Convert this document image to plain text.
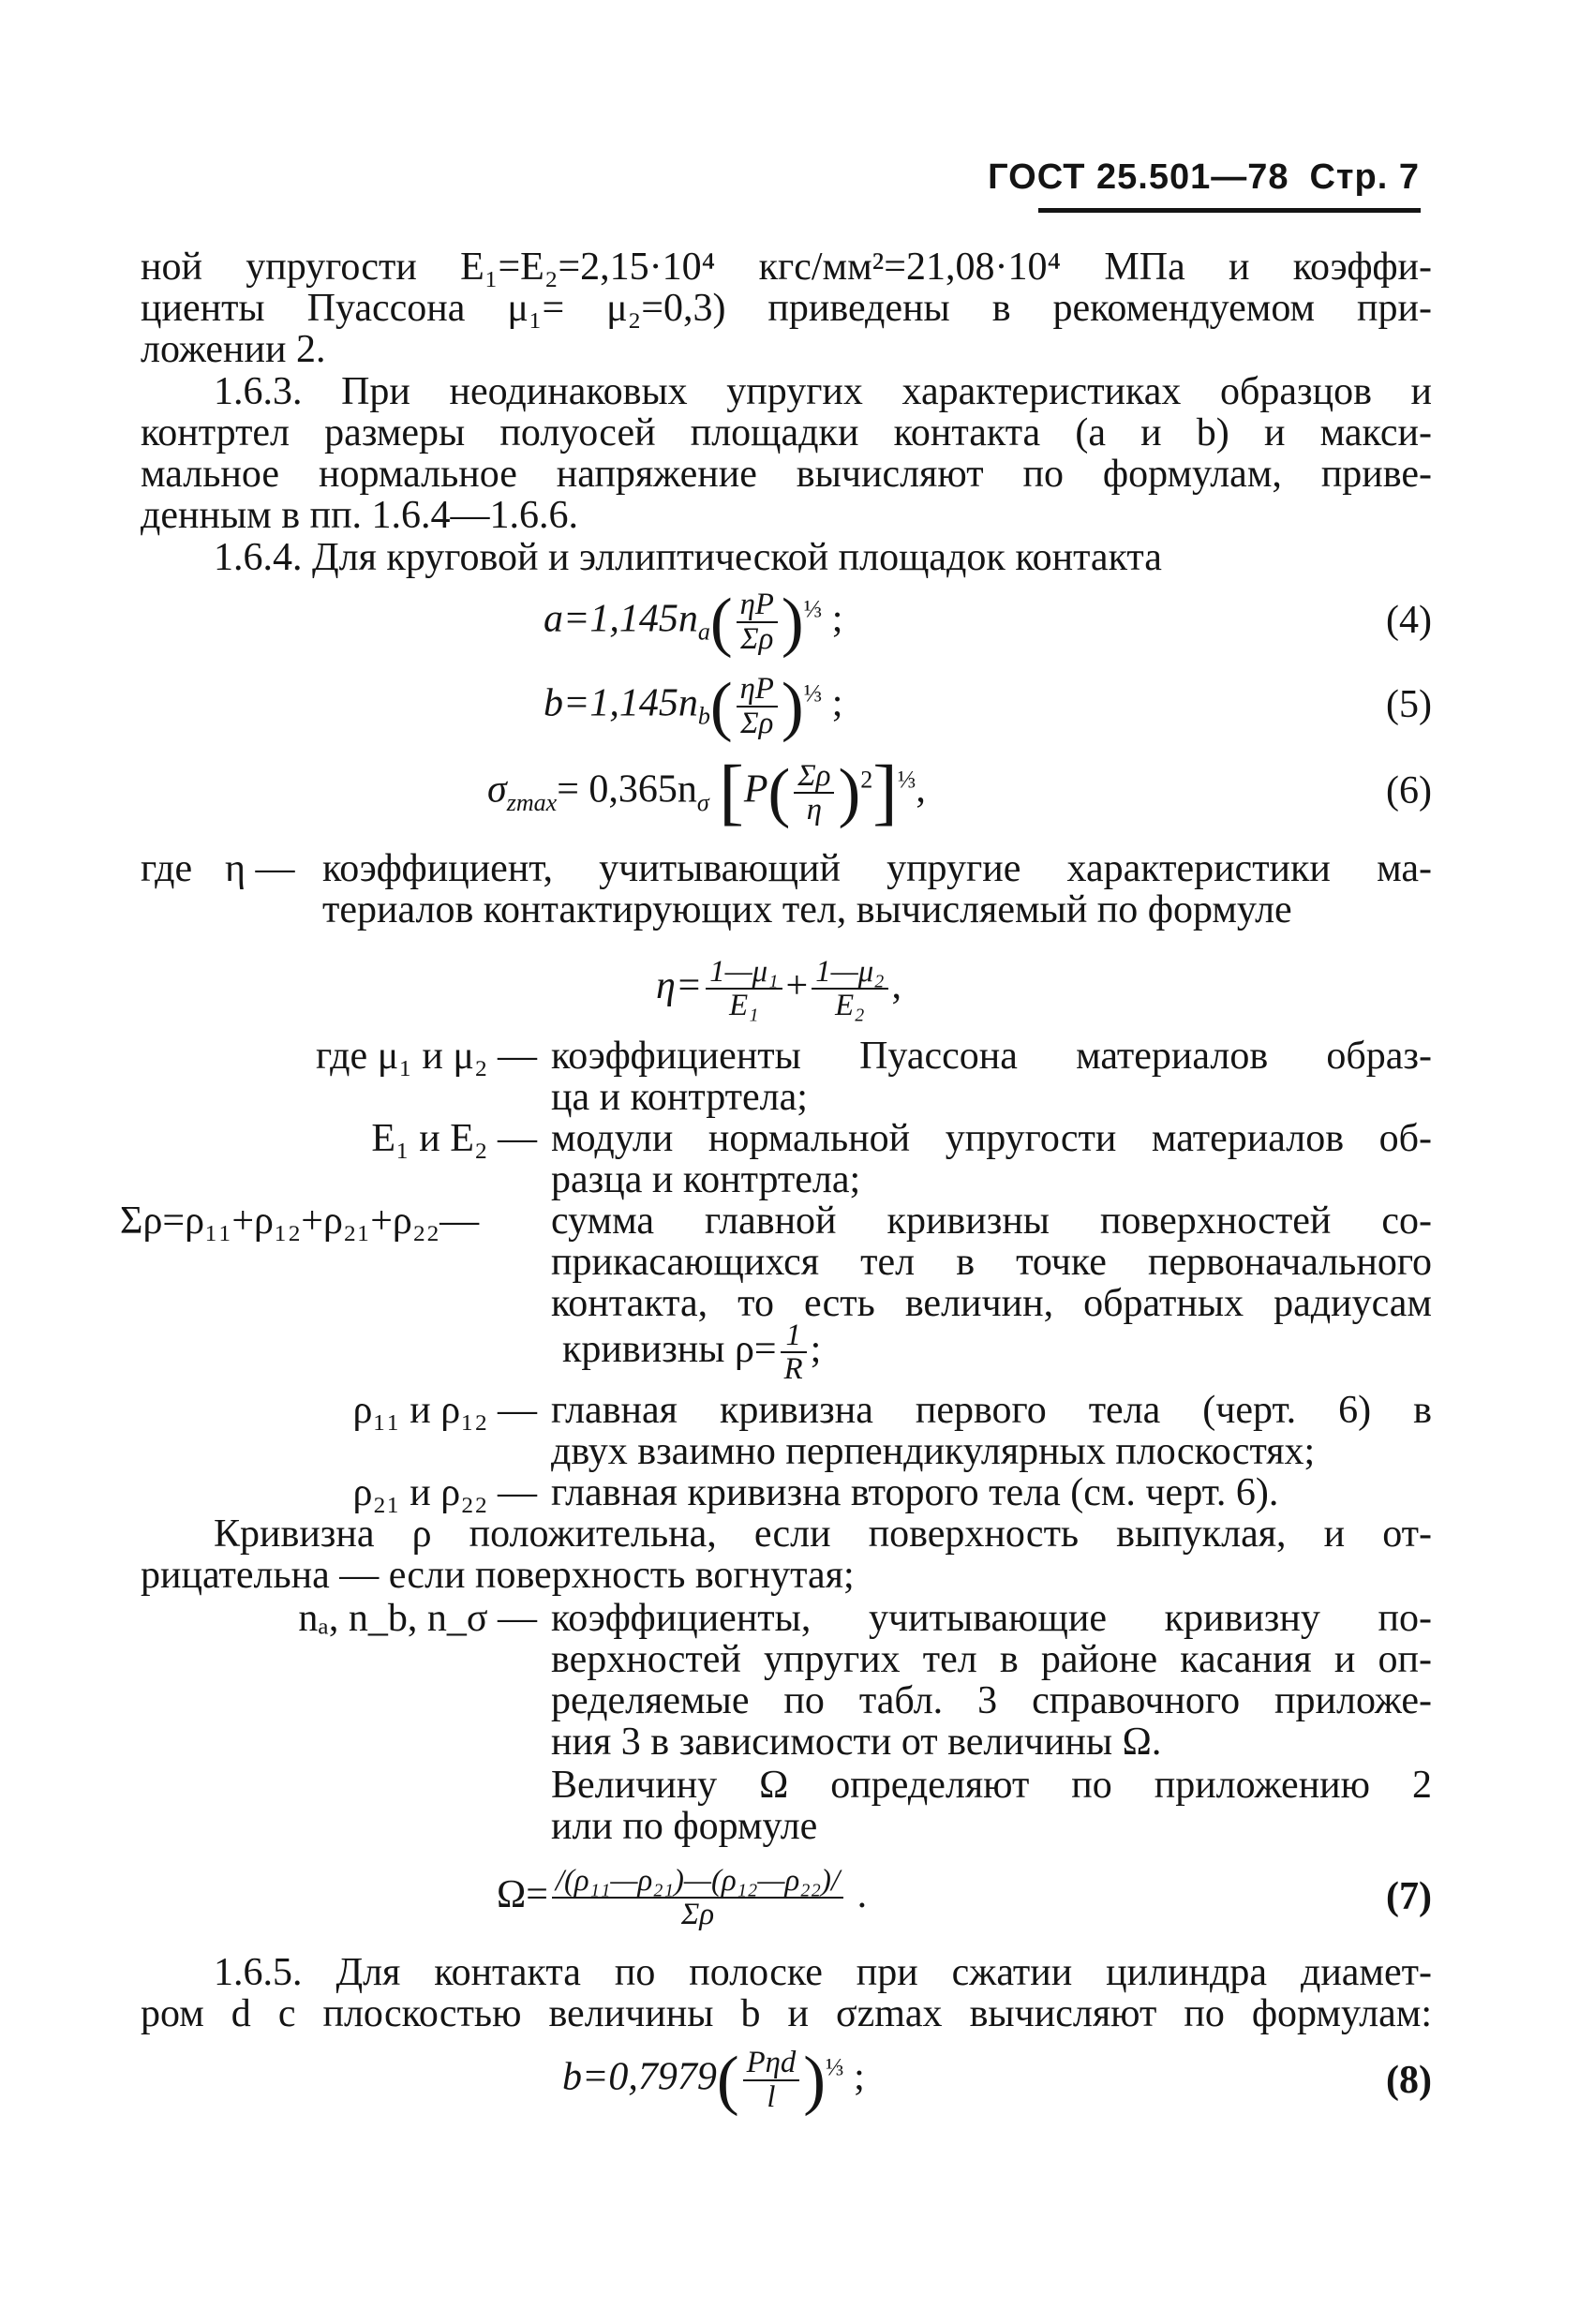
ГОСТ 25.501—78 Стр. 7
ной упругости E₁=E₂=2,15·10⁴ кгс/мм²=21,08·10⁴ МПа и коэффи-
циенты Пуассона μ₁= μ₂=0,3) приведены в рекомендуемом при-
ложении 2.
1.6.3. При неодинаковых упругих характеристиках образцов и
контртел размеры полуосей площадки контакта (a и b) и макси-
мальное нормальное напряжение вычисляют по формулам, приве-
денным в пп. 1.6.4—1.6.6.
1.6.4. Для круговой и эллиптической площадок контакта
$a=1,145n_a( \frac{\eta P}{\Sigma\rho} )^{\frac{1}{3}}$ ;	(4)
$b=1,145n_b( \frac{\eta P}{\Sigma\rho} )^{\frac{1}{3}}$ ;	(5)
$\sigma_{zmax}= 0,365n_\sigma$ $[P( \frac{\Sigma\rho}{\eta} )^2]^{\frac{1}{3}}$,	(6)
где η — коэффициент, учитывающий упругие характеристики ма-
териалов контактирующих тел, вычисляемый по формуле
$\eta= \frac{\text{1—μ₁}}{\text{E₁}} + \frac{\text{1—μ₂}}{\text{E₂}}$ ,
где μ₁ и μ₂ — коэффициенты Пуассона материалов образ-
ца и контртела;
E₁ и E₂ — модули нормальной упругости материалов об-
разца и контртела;
Σρ=ρ₁₁+ρ₁₂+ρ₂₁+ρ₂₂— сумма главной кривизны поверхностей со-
прикасающихся тел в точке первоначального
контакта, то есть величин, обратных радиусам
кривизны $\rho= \frac{1}{R}$ ;
ρ₁₁ и ρ₁₂ — главная кривизна первого тела (черт. 6) в
двух взаимно перпендикулярных плоскостях;
ρ₂₁ и ρ₂₂ — главная кривизна второго тела (см. черт. 6).
Кривизна ρ положительна, если поверхность выпуклая, и от-
рицательна — если поверхность вогнутая;
nₐ, n_b, n_σ — коэффициенты, учитывающие кривизну по-
верхностей упругих тел в районе касания и оп-
ределяемые по табл. 3 справочного приложе-
ния 3 в зависимости от величины Ω.
Величину Ω определяют по приложению 2
или по формуле
$\Omega= \frac{\text{/(ρ₁₁—ρ₂₁)—(ρ₁₂—ρ₂₂)/}}{\Sigma\rho}$ .	(7)
1.6.5. Для контакта по полоске при сжатии цилиндра диамет-
ром d с плоскостью величины b и σzmax вычисляют по формулам:
$b=0,7979( \frac{\text{Pηd}}{l} )^{\frac{1}{3}}$ ;	(8)
